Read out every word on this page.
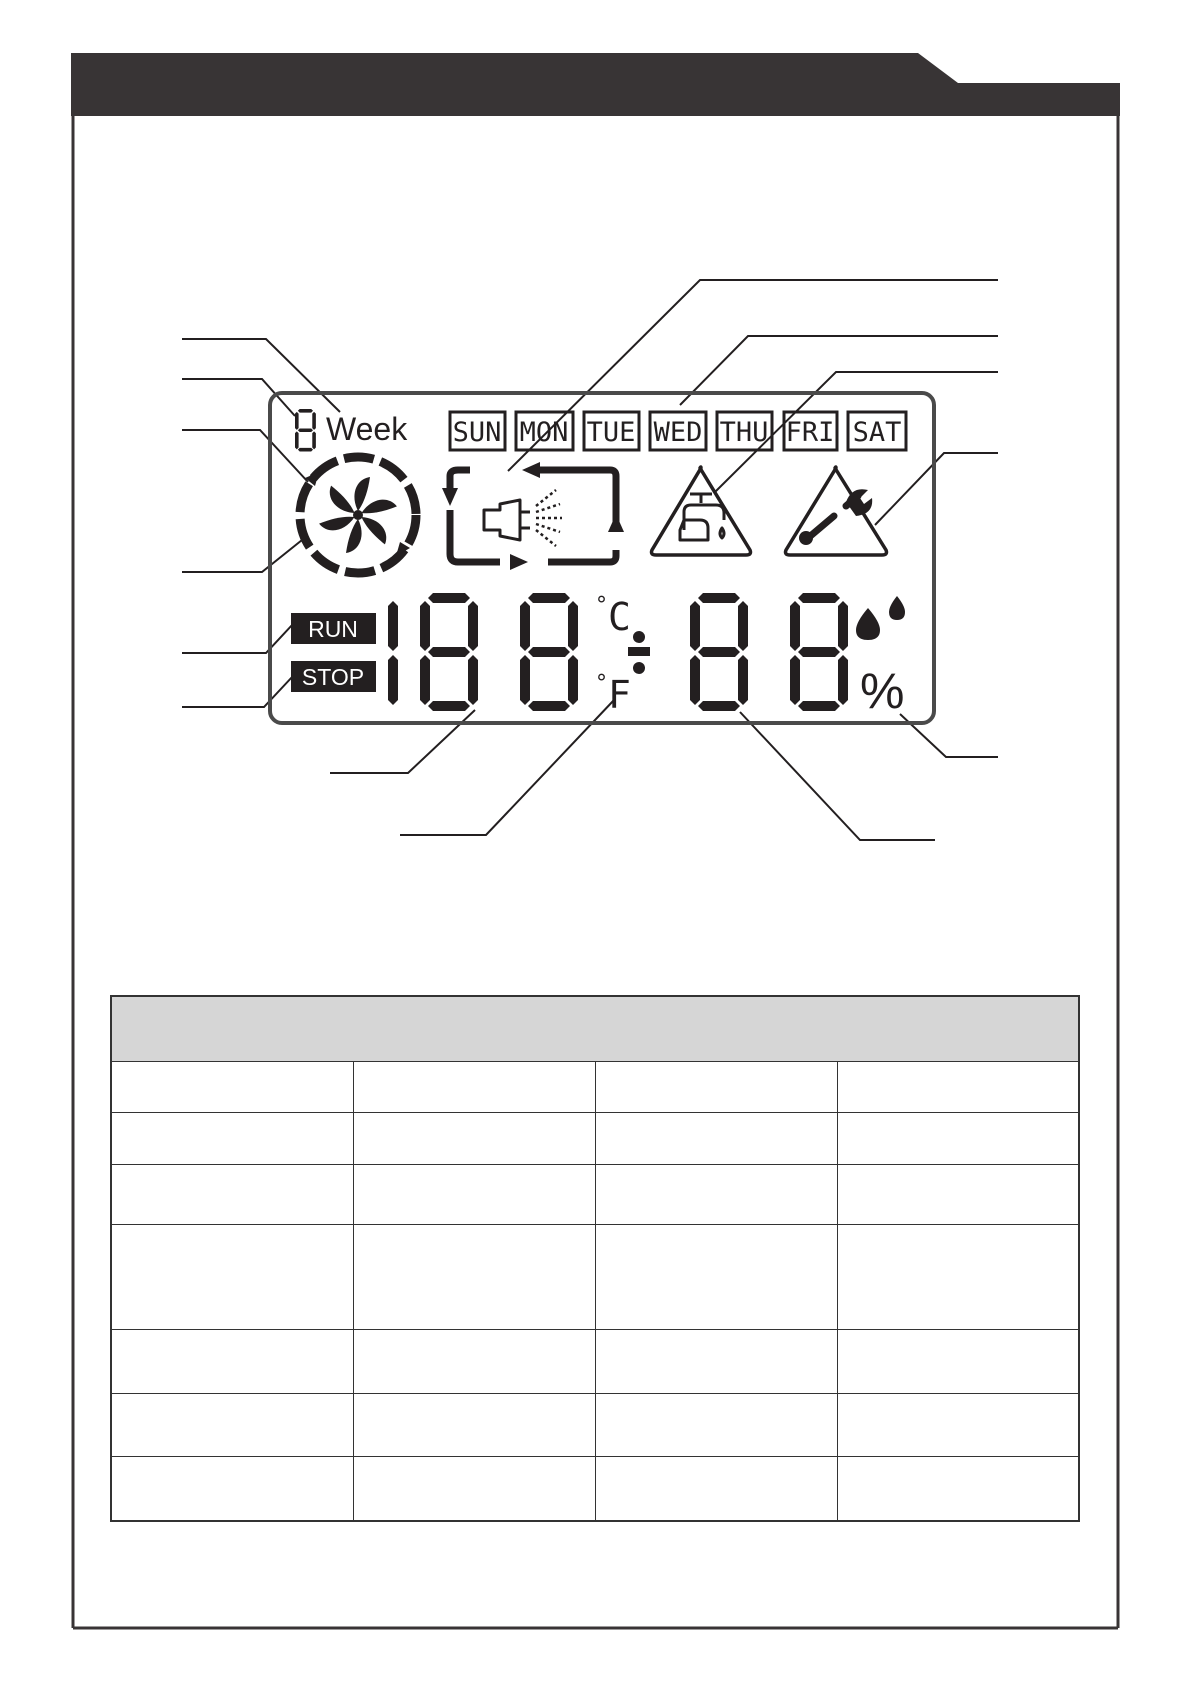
Week SUN MON TUE WED THU FRI SAT
RUN
STOP
° C
° F	%
